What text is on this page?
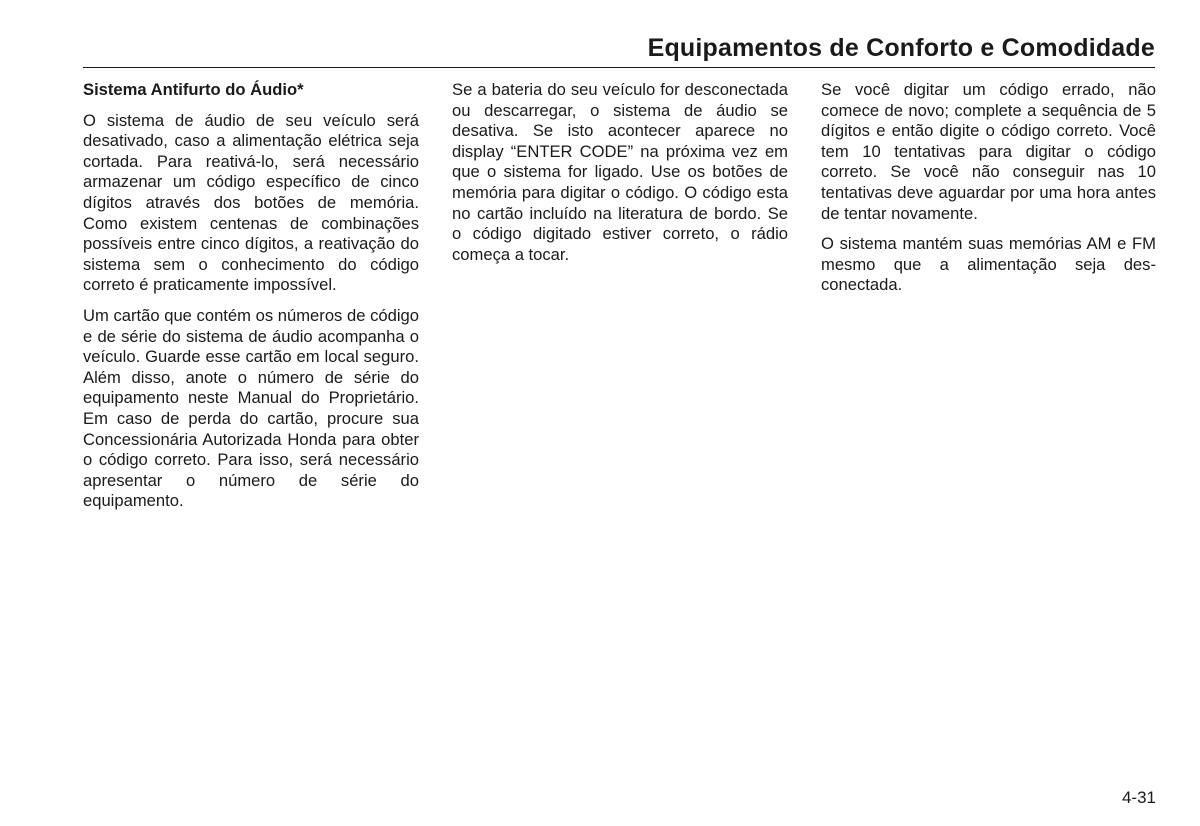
Equipamentos de Conforto e Comodidade

Sistema Antifurto do Áudio*

O sistema de áudio de seu veículo será desativado, caso a alimentação elétrica seja cortada. Para reativá-lo, será necessário armazenar um código específico de cinco dígitos através dos botões de memória. Como existem centenas de combinações possíveis entre cinco dígitos, a reativação do sistema sem o conhecimento do código correto é praticamente impossível.

Um cartão que contém os números de código e de série do sistema de áudio acompanha o veículo. Guarde esse cartão em local seguro. Além disso, anote o número de série do equipamento neste Manual do Proprietário. Em caso de perda do cartão, procure sua Concessionária Autorizada Honda para obter o código correto. Para isso, será necessário apresentar o número de série do equipamento.

Se a bateria do seu veículo for desconectada ou descarregar, o sistema de áudio se desativa. Se isto acontecer aparece no display “ENTER CODE” na próxima vez em que o sistema for ligado. Use os botões de memória para digitar o código. O código esta no cartão incluído na literatura de bordo. Se o código digitado estiver correto, o rádio começa a tocar.

Se você digitar um código errado, não comece de novo; complete a sequência de 5 dígitos e então digite o código correto. Você tem 10 tentativas para digitar o código correto. Se você não conseguir nas 10 tentativas deve aguardar por uma hora antes de tentar novamente.

O sistema mantém suas memórias AM e FM mesmo que a alimentação seja desconectada.

4-31
